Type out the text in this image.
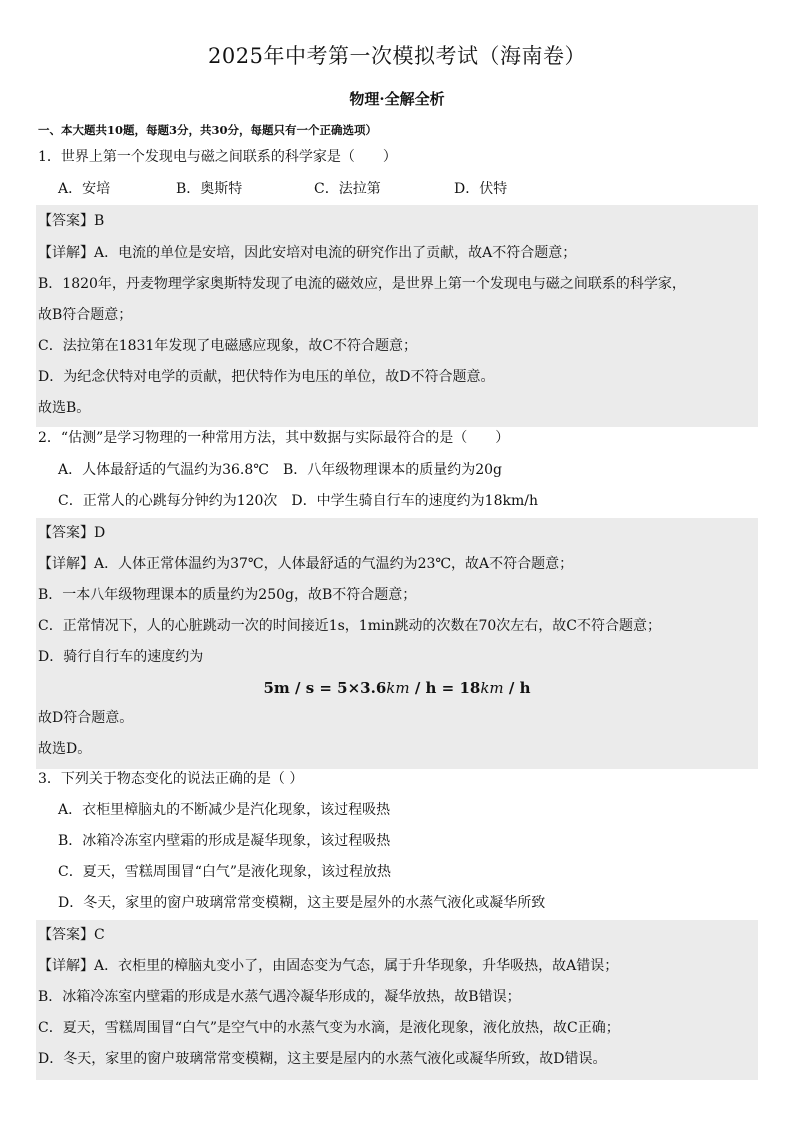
2025年中考第一次模拟考试（海南卷）
物理·全解全析
一、本大题共10题，每题3分，共30分，每题只有一个正确选项）
1．世界上第一个发现电与磁之间联系的科学家是（　　）
A．安培	B．奥斯特	C．法拉第	D．伏特
【答案】B
【详解】A．电流的单位是安培，因此安培对电流的研究作出了贡献，故A不符合题意；
B．1820年，丹麦物理学家奥斯特发现了电流的磁效应，是世界上第一个发现电与磁之间联系的科学家，
故B符合题意；
C．法拉第在1831年发现了电磁感应现象，故C不符合题意；
D．为纪念伏特对电学的贡献，把伏特作为电压的单位，故D不符合题意。
故选B。
2．“估测”是学习物理的一种常用方法，其中数据与实际最符合的是（　　）
A．人体最舒适的气温约为36.8℃　B．八年级物理课本的质量约为20g
C．正常人的心跳每分钟约为120次　D．中学生骑自行车的速度约为18km/h
【答案】D
【详解】A．人体正常体温约为37℃，人体最舒适的气温约为23℃，故A不符合题意；
B．一本八年级物理课本的质量约为250g，故B不符合题意；
C．正常情况下，人的心脏跳动一次的时间接近1s，1min跳动的次数在70次左右，故C不符合题意；
D．骑行自行车的速度约为
5m / s = 5×3.6km / h = 18km / h
故D符合题意。
故选D。
3．下列关于物态变化的说法正确的是（ ）
A．衣柜里樟脑丸的不断减少是汽化现象，该过程吸热
B．冰箱冷冻室内壁霜的形成是凝华现象，该过程吸热
C．夏天，雪糕周围冒“白气”是液化现象，该过程放热
D．冬天，家里的窗户玻璃常常变模糊，这主要是屋外的水蒸气液化或凝华所致
【答案】C
【详解】A．衣柜里的樟脑丸变小了，由固态变为气态，属于升华现象，升华吸热，故A错误；
B．冰箱冷冻室内壁霜的形成是水蒸气遇冷凝华形成的，凝华放热，故B错误；
C．夏天，雪糕周围冒“白气”是空气中的水蒸气变为水滴，是液化现象，液化放热，故C正确；
D．冬天，家里的窗户玻璃常常变模糊，这主要是屋内的水蒸气液化或凝华所致，故D错误。
